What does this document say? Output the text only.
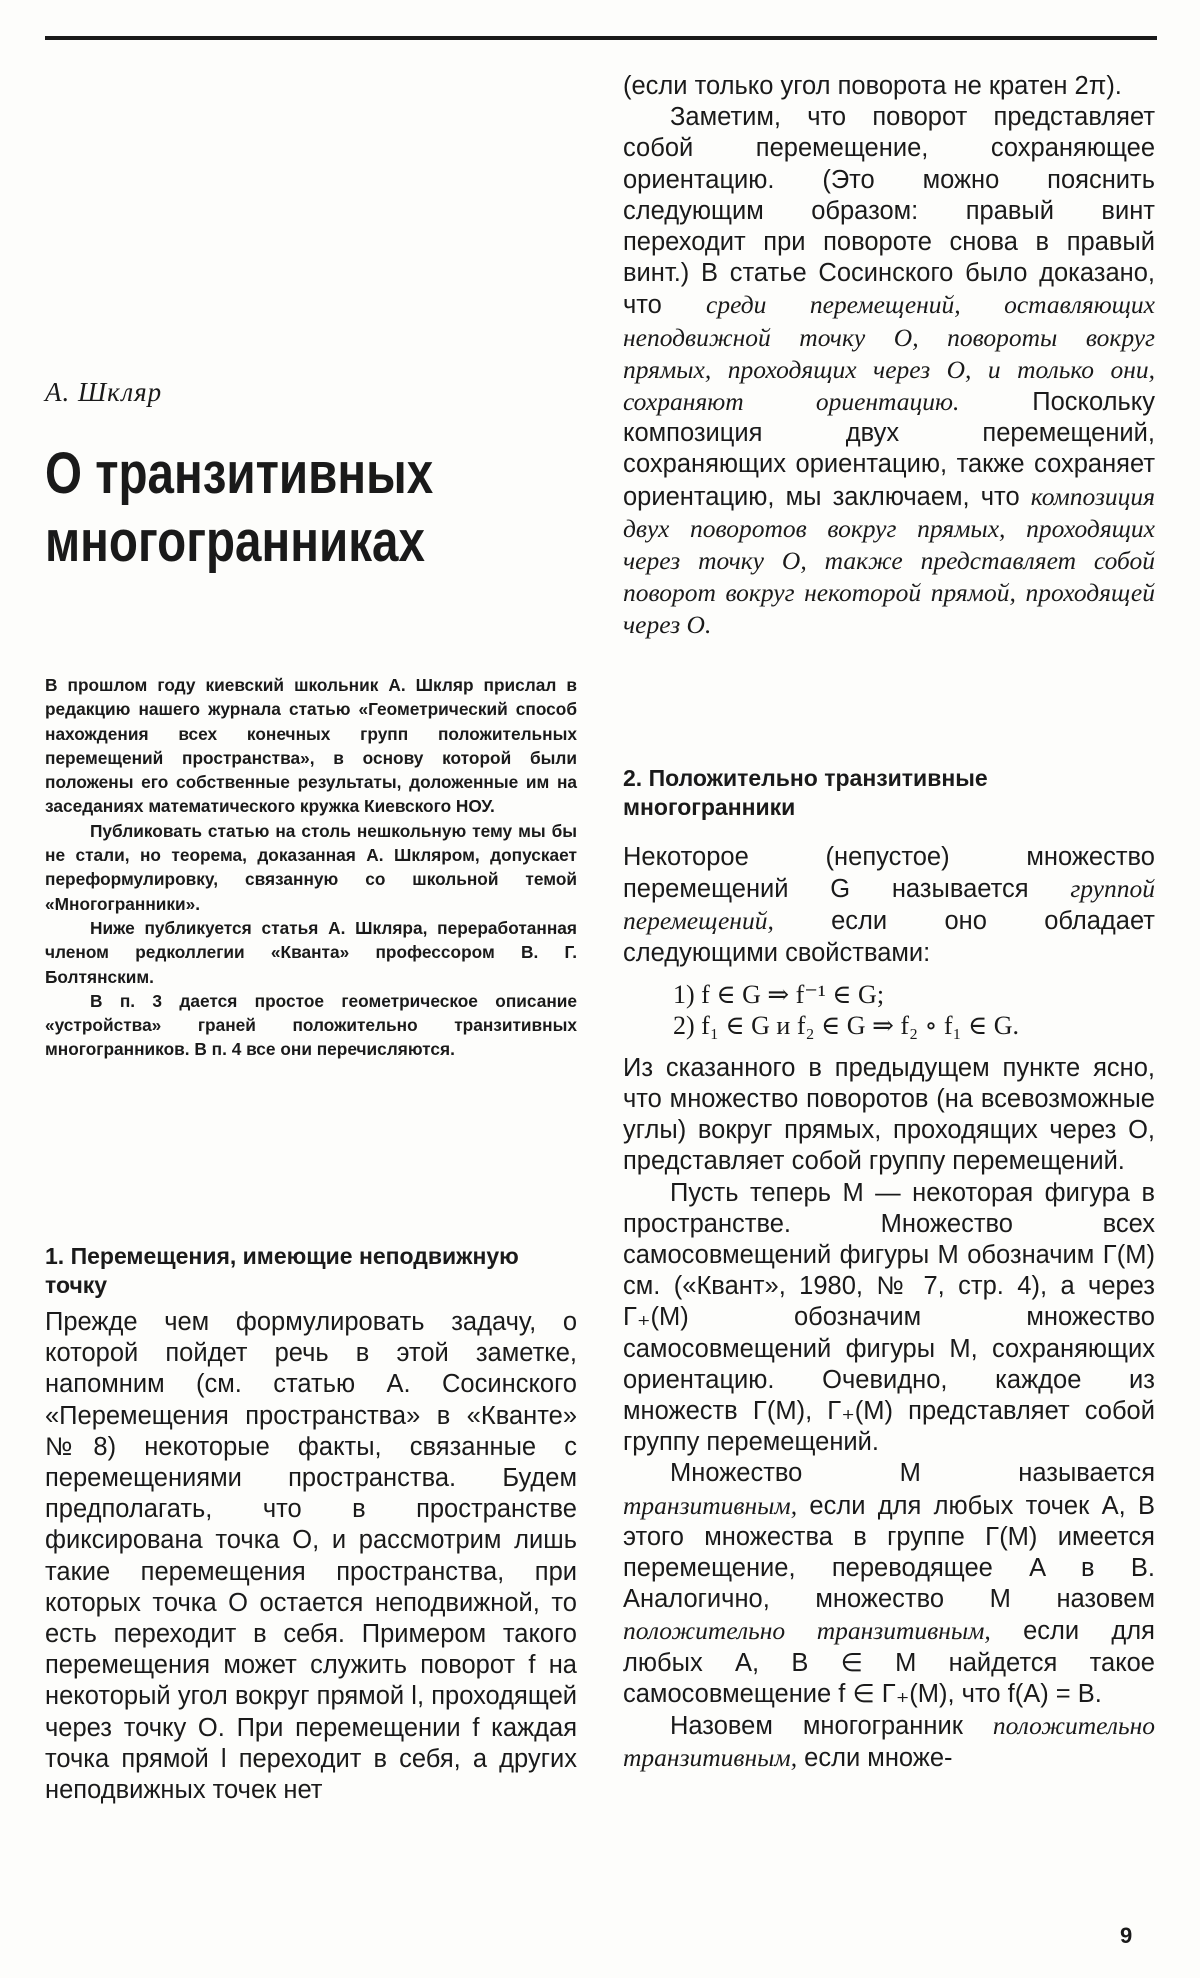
А. Шкляр
О транзитивных
многогранниках

В прошлом году киевский школьник А. Шкляр прислал в редакцию нашего журнала статью «Геометрический способ нахождения всех конечных групп положительных перемещений пространства», в основу которой были положены его собственные результаты, доложенные им на заседаниях математического кружка Киевского НОУ.

Публиковать статью на столь нешкольную тему мы бы не стали, но теорема, доказанная А. Шкляром, допускает переформулировку, связанную со школьной темой «Многогранники».

Ниже публикуется статья А. Шкляра, переработанная членом редколлегии «Кванта» профессором В. Г. Болтянским.

В п. 3 дается простое геометрическое описание «устройства» граней положительно транзитивных многогранников. В п. 4 все они перечисляются.

1. Перемещения, имеющие неподвижную точку

Прежде чем формулировать задачу, о которой пойдет речь в этой заметке, напомним (см. статью А. Сосинского «Перемещения пространства» в «Кванте» №8) некоторые факты, связанные с перемещениями пространства. Будем предполагать, что в пространстве фиксирована точка O, и рассмотрим лишь такие перемещения пространства, при которых точка O остается неподвижной, то есть переходит в себя. Примером такого перемещения может служить поворот f на некоторый угол вокруг прямой l, проходящей через точку O. При перемещении f каждая точка прямой l переходит в себя, а других неподвижных точек нет

(если только угол поворота не кратен 2π).

Заметим, что поворот представляет собой перемещение, сохраняющее ориентацию. (Это можно пояснить следующим образом: правый винт переходит при повороте снова в правый винт.) В статье Сосинского было доказано, что среди перемещений, оставляющих неподвижной точку O, повороты вокруг прямых, проходящих через O, и только они, сохраняют ориентацию. Поскольку композиция двух перемещений, сохраняющих ориентацию, также сохраняет ориентацию, мы заключаем, что композиция двух поворотов вокруг прямых, проходящих через точку O, также представляет собой поворот вокруг некоторой прямой, проходящей через O.

2. Положительно транзитивные многогранники

Некоторое (непустое) множество перемещений G называется группой перемещений, если оно обладает следующими свойствами:

1) f ∈ G ⇒ f⁻¹ ∈ G;

2) f₁ ∈ G и f₂ ∈ G ⇒ f₂ ∘ f₁ ∈ G.

Из сказанного в предыдущем пункте ясно, что множество поворотов (на всевозможные углы) вокруг прямых, проходящих через O, представляет собой группу перемещений.

Пусть теперь M — некоторая фигура в пространстве. Множество всех самосовмещений фигуры M обозначим Γ(M) см. («Квант», 1980, № 7, стр. 4), а через Γ₊(M) обозначим множество самосовмещений фигуры M, сохраняющих ориентацию. Очевидно, каждое из множеств Γ(M), Γ₊(M) представляет собой группу перемещений.

Множество M называется транзитивным, если для любых точек A, B этого множества в группе Γ(M) имеется перемещение, переводящее A в B. Аналогично, множество M назовем положительно транзитивным, если для любых A, B ∈ M найдется такое самосовмещение f ∈ Γ₊(M), что f(A) = B.

Назовем многогранник положительно транзитивным, если множе-

9
